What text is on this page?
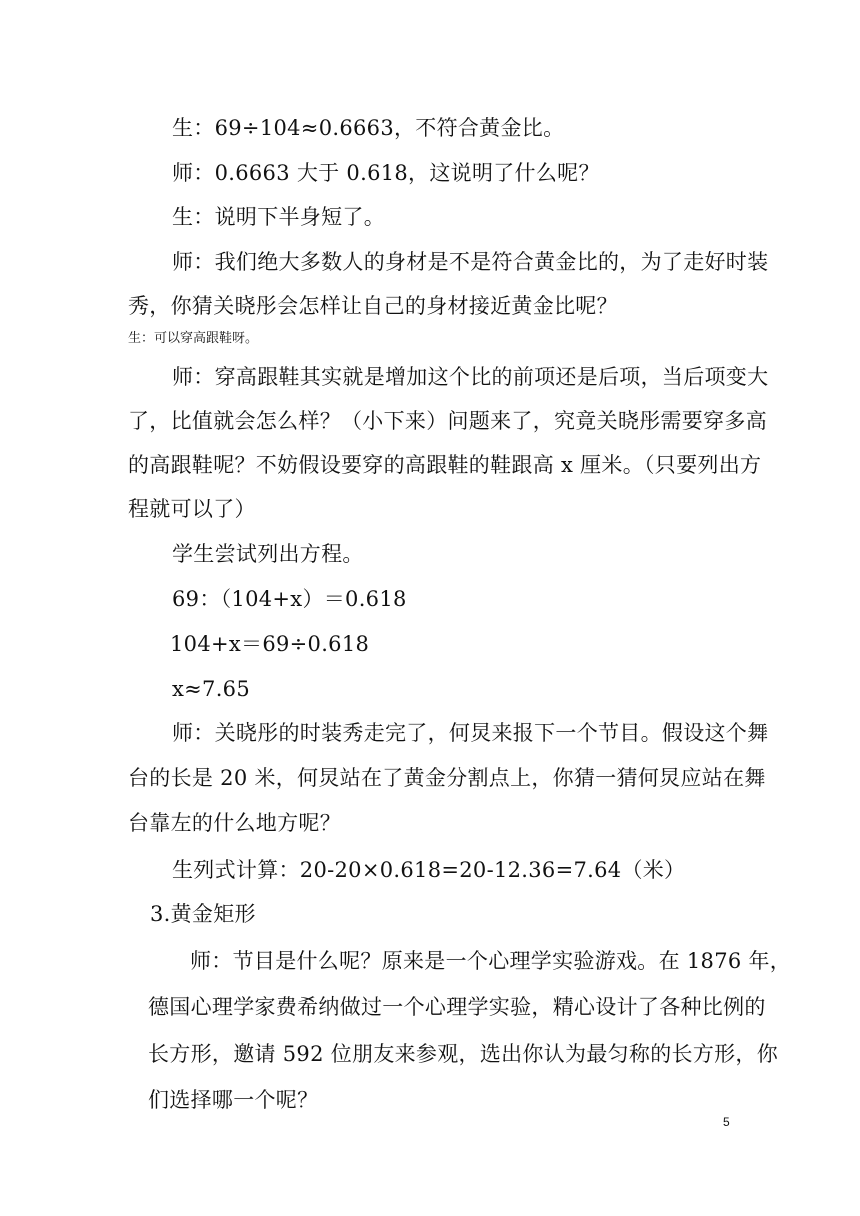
生：69÷104≈0.6663，不符合黄金比。
师：0.6663 大于 0.618，这说明了什么呢？
生：说明下半身短了。
师：我们绝大多数人的身材是不是符合黄金比的，为了走好时装
秀，你猜关晓彤会怎样让自己的身材接近黄金比呢？
生：可以穿高跟鞋呀。
师：穿高跟鞋其实就是增加这个比的前项还是后项，当后项变大
了，比值就会怎么样？（小下来）问题来了，究竟关晓彤需要穿多高
的高跟鞋呢？不妨假设要穿的高跟鞋的鞋跟高 x 厘米。（只要列出方
程就可以了）
学生尝试列出方程。
69：（104+x）＝0.618
104+x＝69÷0.618
x≈7.65
师：关晓彤的时装秀走完了，何炅来报下一个节目。假设这个舞
台的长是 20 米，何炅站在了黄金分割点上，你猜一猜何炅应站在舞
台靠左的什么地方呢？
生列式计算：20-20×0.618=20-12.36=7.64（米）
3.黄金矩形
师：节目是什么呢？原来是一个心理学实验游戏。在 1876 年，
德国心理学家费希纳做过一个心理学实验，精心设计了各种比例的
长方形，邀请 592 位朋友来参观，选出你认为最匀称的长方形，你
们选择哪一个呢？
5
